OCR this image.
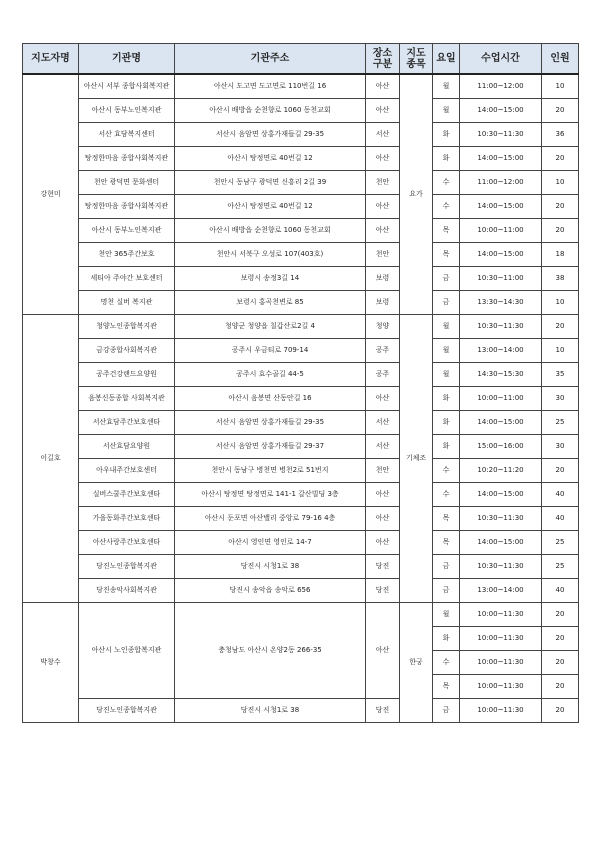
지도자명	기관명	기관주소	장소 구분	지도 종목	요일	수업시간	인원
강현미	아산시 서부 종합사회복지관	아산시 도고면 도고면로 110번길 16	아산	요가	월	11:00~12:00	10
	아산시 동부노인복지관	아산시 배방읍 순천향로 1060 동천교회	아산		월	14:00~15:00	20
	서산 효담복지센터	서산시 음암면 상홍가재들길 29-35	서산		화	10:30~11:30	36
	탕정한마음 종합사회복지관	아산시 탕정면로 40번길 12	아산		화	14:00~15:00	20
	천안 광덕면 문화센터	천안시 동남구 광덕면 신흥리 2길 39	천안		수	11:00~12:00	10
	탕정한마음 종합사회복지관	아산시 탕정면로 40번길 12	아산		수	14:00~15:00	20
	아산시 동부노인복지관	아산시 배방읍 순천향로 1060 동천교회	아산		목	10:00~11:00	20
	천안 365주간보호	천안시 서북구 오성로 107(403호)	천안		목	14:00~15:00	18
	세티아 주야간 보호센터	보령시 송정3길 14	보령		금	10:30~11:00	38
	명천 실버 복지관	보령시 홍곡천변로 85	보령		금	13:30~14:30	10
이길호	청양노인종합복지관	청양군 청양읍 칠갑산로2길 4	청양	기체조	월	10:30~11:30	20
	금강종합사회복지관	공주시 우금티로 709-14	공주		월	13:00~14:00	10
	공주건강랜드요양원	공주시 효수골길 44-5	공주		월	14:30~15:30	35
	음봉신동종합 사회복지관	아산시 음봉면 산동안길 16	아산		화	10:00~11:00	30
	서산효담주간보호센타	서산시 음암면 상홍가재들길 29-35	서산		화	14:00~15:00	25
	서산효담요양원	서산시 음암면 상홍가재들길 29-37	서산		화	15:00~16:00	30
	아우내주간보호센터	천안시 동남구 병천면 병천2로 51번지	천안		수	10:20~11:20	20
	실버스쿨주간보호센타	아산시 탕정면 탕정면로 141-1 갈산빌딩 3층	아산		수	14:00~15:00	40
	가을동화주간보호센타	아산시 둔포면 아산밸리 중앙로 79-16 4층	아산		목	10:30~11:30	40
	아산사랑주간보호센타	아산시 영인면 영인로 14-7	아산		목	14:00~15:00	25
	당진노인종합복지관	당진시 시청1로 38	당진		금	10:30~11:30	25
	당진송악사회복지관	당진시 송악읍 송악로 656	당진		금	13:00~14:00	40
박창수	아산시 노인종합복지관	충청남도 아산시 온양2동 266-35	아산	한궁	월	10:00~11:30	20
					화	10:00~11:30	20
					수	10:00~11:30	20
					목	10:00~11:30	20
	당진노인종합복지관	당진시 시청1로 38	당진		금	10:00~11:30	20
